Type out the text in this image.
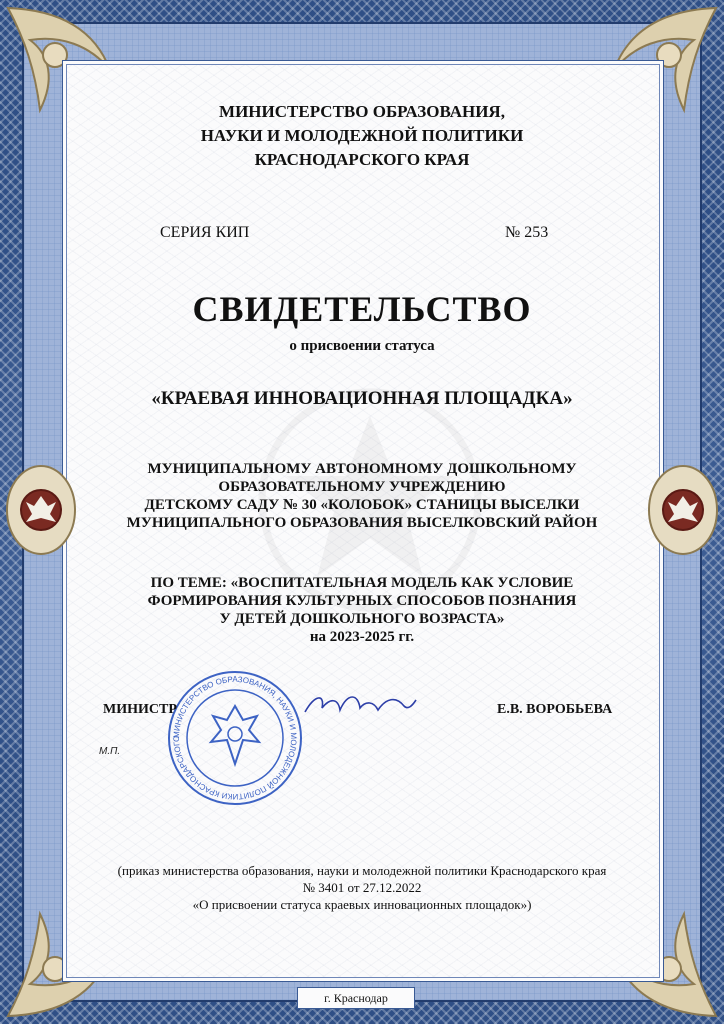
МИНИСТЕРСТВО ОБРАЗОВАНИЯ,
НАУКИ И МОЛОДЕЖНОЙ ПОЛИТИКИ
КРАСНОДАРСКОГО КРАЯ
СЕРИЯ КИП	№ 253
СВИДЕТЕЛЬСТВО
о присвоении статуса
«КРАЕВАЯ ИННОВАЦИОННАЯ ПЛОЩАДКА»
МУНИЦИПАЛЬНОМУ АВТОНОМНОМУ ДОШКОЛЬНОМУ
ОБРАЗОВАТЕЛЬНОМУ УЧРЕЖДЕНИЮ
ДЕТСКОМУ САДУ № 30 «КОЛОБОК» СТАНИЦЫ ВЫСЕЛКИ
МУНИЦИПАЛЬНОГО ОБРАЗОВАНИЯ ВЫСЕЛКОВСКИЙ РАЙОН
ПО ТЕМЕ: «ВОСПИТАТЕЛЬНАЯ МОДЕЛЬ КАК УСЛОВИЕ
ФОРМИРОВАНИЯ КУЛЬТУРНЫХ СПОСОБОВ ПОЗНАНИЯ
У ДЕТЕЙ ДОШКОЛЬНОГО ВОЗРАСТА»
на 2023-2025 гг.
МИНИСТЕРСТВО ОБРАЗОВАНИЯ, НАУКИ И МОЛОДЕЖНОЙ ПОЛИТИКИ КРАСНОДАРСКОГО
МИНИСТР	Е.В. ВОРОБЬЕВА
М.П.
(приказ министерства образования, науки и молодежной политики Краснодарского края
№ 3401 от 27.12.2022
«О присвоении статуса краевых инновационных площадок»)
г. Краснодар
